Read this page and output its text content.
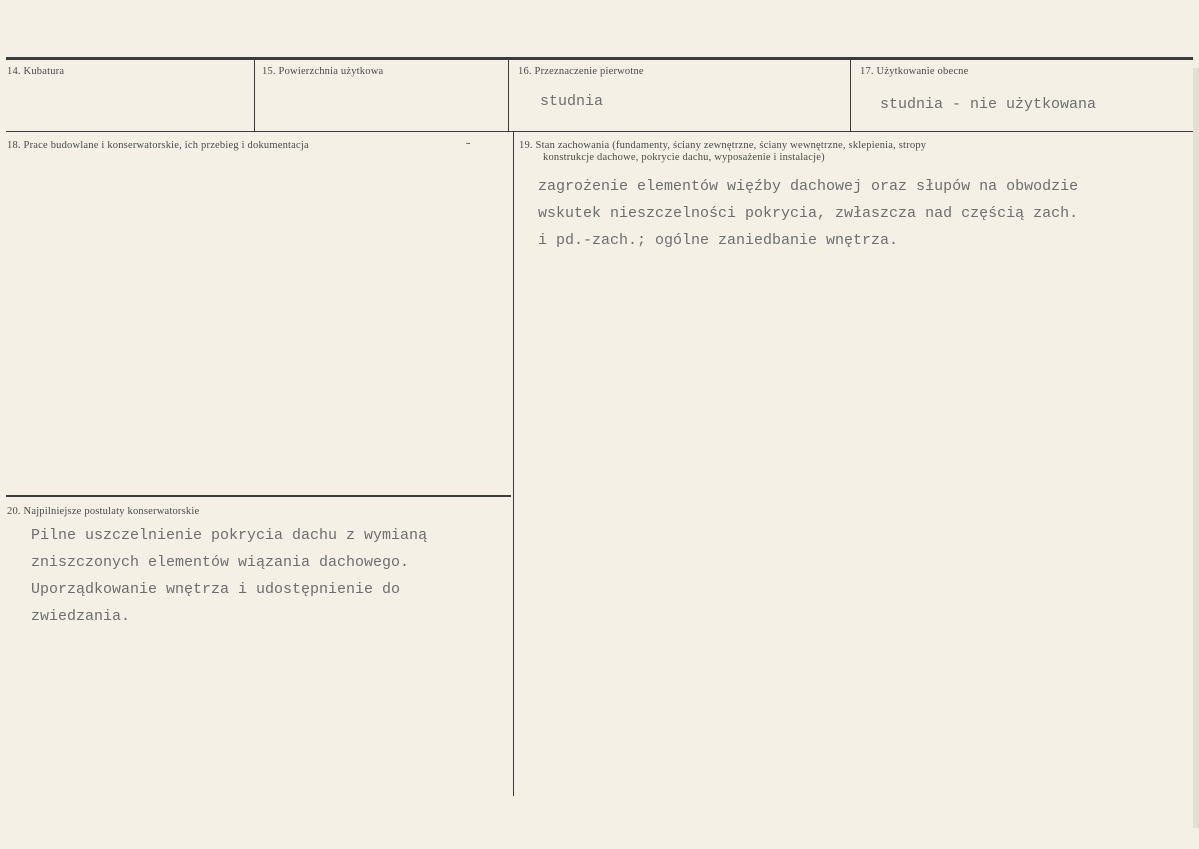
14. Kubatura	15. Powierzchnia użytkowa	16. Przeznaczenie pierwotne
studnia
17. Użytkowanie obecne
studnia - nie użytkowana
18. Prace budowlane i konserwatorskie, ich przebieg i dokumentacja	-	19. Stan zachowania (fundamenty, ściany zewnętrzne, ściany wewnętrzne, sklepienia, stropy
konstrukcje dachowe, pokrycie dachu, wyposażenie i instalacje)
zagrożenie elementów więźby dachowej oraz słupów na obwodzie
wskutek nieszczelności pokrycia, zwłaszcza nad częścią zach.
i pd.-zach.; ogólne zaniedbanie wnętrza.
20. Najpilniejsze postulaty konserwatorskie
Pilne uszczelnienie pokrycia dachu z wymianą
zniszczonych elementów wiązania dachowego.
Uporządkowanie wnętrza i udostępnienie do
zwiedzania.
